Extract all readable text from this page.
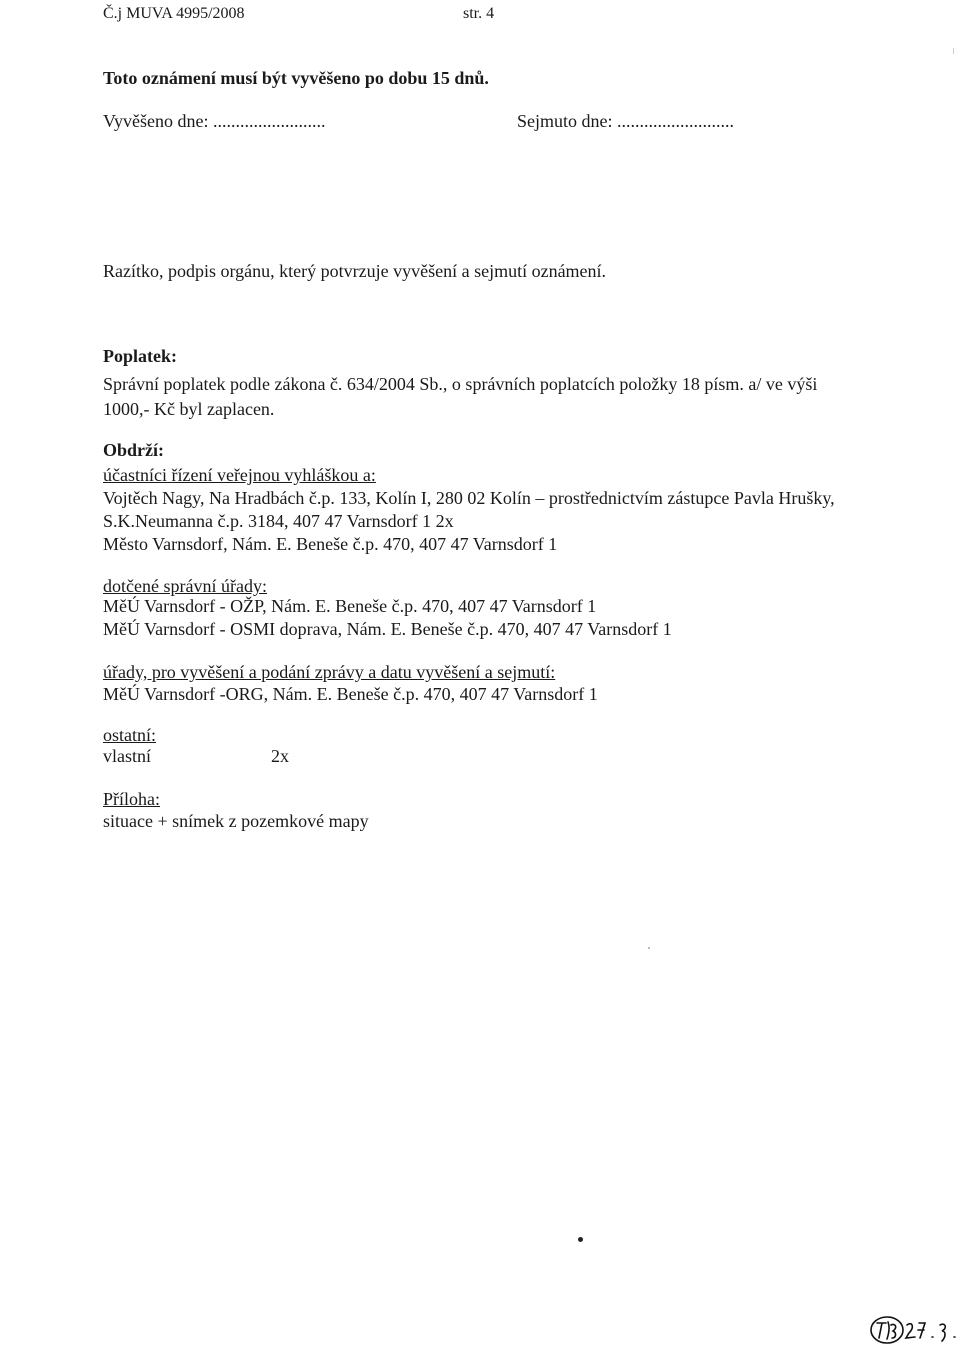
Č.j MUVA 4995/2008	str. 4
Toto oznámení musí být vyvěšeno po dobu 15 dnů.
Vyvěšeno dne: .........................	Sejmuto dne: ..........................
Razítko, podpis orgánu, který potvrzuje vyvěšení a sejmutí oznámení.
Poplatek:
Správní poplatek podle zákona č. 634/2004 Sb., o správních poplatcích položky 18 písm. a/ ve výši
1000,- Kč byl zaplacen.
Obdrží:
účastníci řízení veřejnou vyhláškou a:
Vojtěch Nagy, Na Hradbách č.p. 133, Kolín I, 280 02 Kolín – prostřednictvím zástupce Pavla Hrušky,
S.K.Neumanna č.p. 3184, 407 47 Varnsdorf 1 2x
Město Varnsdorf, Nám. E. Beneše č.p. 470, 407 47 Varnsdorf 1
dotčené správní úřady:
MěÚ Varnsdorf - OŽP, Nám. E. Beneše č.p. 470, 407 47 Varnsdorf 1
MěÚ Varnsdorf - OSMI doprava, Nám. E. Beneše č.p. 470, 407 47 Varnsdorf 1
úřady, pro vyvěšení a podání zprávy a datu vyvěšení a sejmutí:
MěÚ Varnsdorf -ORG, Nám. E. Beneše č.p. 470, 407 47 Varnsdorf 1
ostatní:
vlastní	2x
Příloha:
situace + snímek z pozemkové mapy
